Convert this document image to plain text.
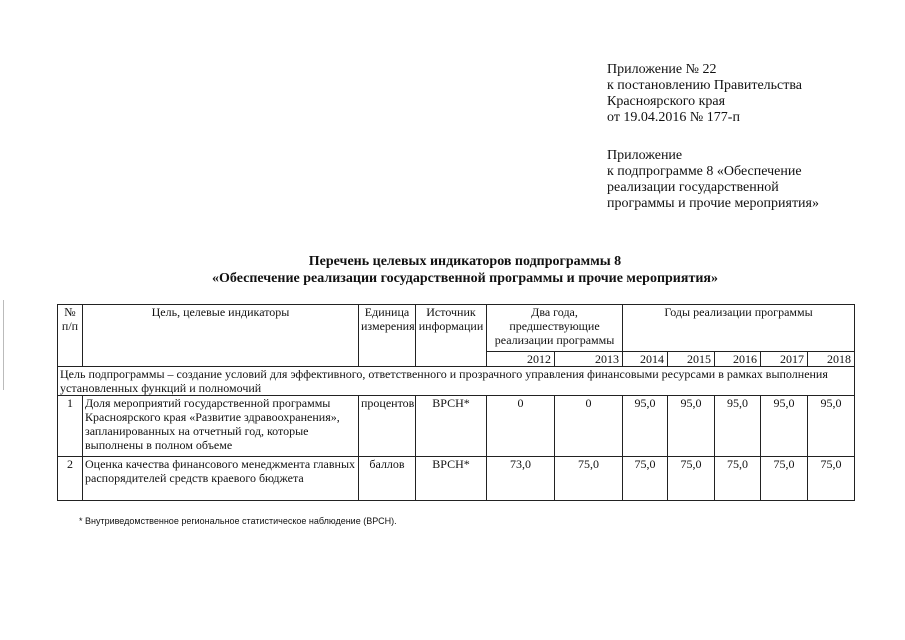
Приложение № 22
к постановлению Правительства
Красноярского края
от 19.04.2016 № 177-п
Приложение
к подпрограмме 8 «Обеспечение
реализации государственной
программы и прочие мероприятия»
Перечень целевых индикаторов подпрограммы 8
«Обеспечение реализации государственной программы и прочие мероприятия»
№ п/п	Цель, целевые индикаторы	Единица измерения	Источник информации	Два года, предшествующие реализации программы		Годы реализации программы				
				2012	2013	2014	2015	2016	2017	2018
Цель подпрограммы – создание условий для эффективного, ответственного и прозрачного управления финансовыми ресурсами в рамках выполнения установленных функций и полномочий										
1	Доля мероприятий государственной программы Красноярского края «Развитие здравоохранения», запланированных на отчетный год, которые выполнены в полном объеме	процентов	ВРСН*	0	0	95,0	95,0	95,0	95,0	95,0
2	Оценка качества финансового менеджмента главных распорядителей средств краевого бюджета	баллов	ВРСН*	73,0	75,0	75,0	75,0	75,0	75,0	75,0
* Внутриведомственное региональное статистическое наблюдение (ВРСН).
